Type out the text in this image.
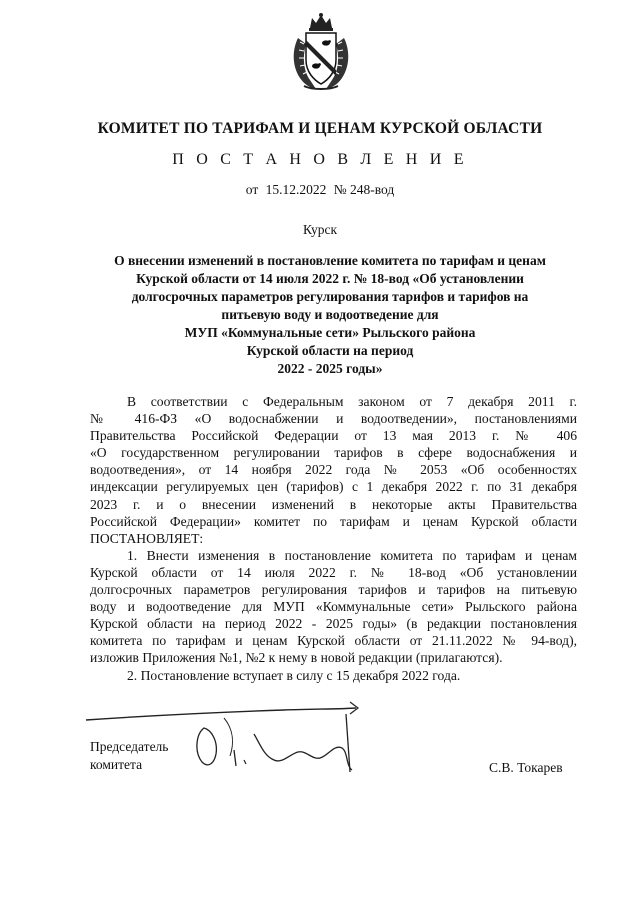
КОМИТЕТ ПО ТАРИФАМ И ЦЕНАМ КУРСКОЙ ОБЛАСТИ
П О С Т А Н О В Л Е Н И Е
от 15.12.2022 № 248-вод
Курск
О внесении изменений в постановление комитета по тарифам и ценам
Курской области от 14 июля 2022 г. № 18-вод «Об установлении
долгосрочных параметров регулирования тарифов и тарифов на
питьевую воду и водоотведение для
МУП «Коммунальные сети» Рыльского района
Курской области на период
2022 - 2025 годы»
В соответствии с Федеральным законом от 7 декабря 2011 г.
№ 416-ФЗ «О водоснабжении и водоотведении», постановлениями
Правительства Российской Федерации от 13 мая 2013 г. № 406
«О государственном регулировании тарифов в сфере водоснабжения и
водоотведения», от 14 ноября 2022 года № 2053 «Об особенностях
индексации регулируемых цен (тарифов) с 1 декабря 2022 г. по 31 декабря
2023 г. и о внесении изменений в некоторые акты Правительства
Российской Федерации» комитет по тарифам и ценам Курской области
ПОСТАНОВЛЯЕТ:
1. Внести изменения в постановление комитета по тарифам и ценам
Курской области от 14 июля 2022 г. № 18-вод «Об установлении
долгосрочных параметров регулирования тарифов и тарифов на питьевую
воду и водоотведение для МУП «Коммунальные сети» Рыльского района
Курской области на период 2022 - 2025 годы» (в редакции постановления
комитета по тарифам и ценам Курской области от 21.11.2022 № 94-вод),
изложив Приложения №1, №2 к нему в новой редакции (прилагаются).
2. Постановление вступает в силу с 15 декабря 2022 года.
Председатель
комитета	С.В. Токарев
